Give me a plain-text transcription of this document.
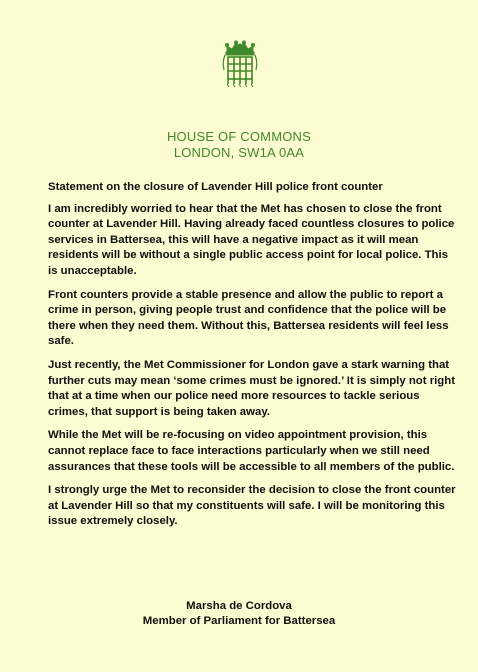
HOUSE OF COMMONS
LONDON, SW1A 0AA

Statement on the closure of Lavender Hill police front counter

I am incredibly worried to hear that the Met has chosen to close the front counter at Lavender Hill. Having already faced countless closures to police services in Battersea, this will have a negative impact as it will mean residents will be without a single public access point for local police. This is unacceptable.

Front counters provide a stable presence and allow the public to report a crime in person, giving people trust and confidence that the police will be there when they need them. Without this, Battersea residents will feel less safe.

Just recently, the Met Commissioner for London gave a stark warning that further cuts may mean ‘some crimes must be ignored.’ It is simply not right that at a time when our police need more resources to tackle serious crimes, that support is being taken away.

While the Met will be re-focusing on video appointment provision, this cannot replace face to face interactions particularly when we still need assurances that these tools will be accessible to all members of the public.

I strongly urge the Met to reconsider the decision to close the front counter at Lavender Hill so that my constituents will safe. I will be monitoring this issue extremely closely.

Marsha de Cordova
Member of Parliament for Battersea
